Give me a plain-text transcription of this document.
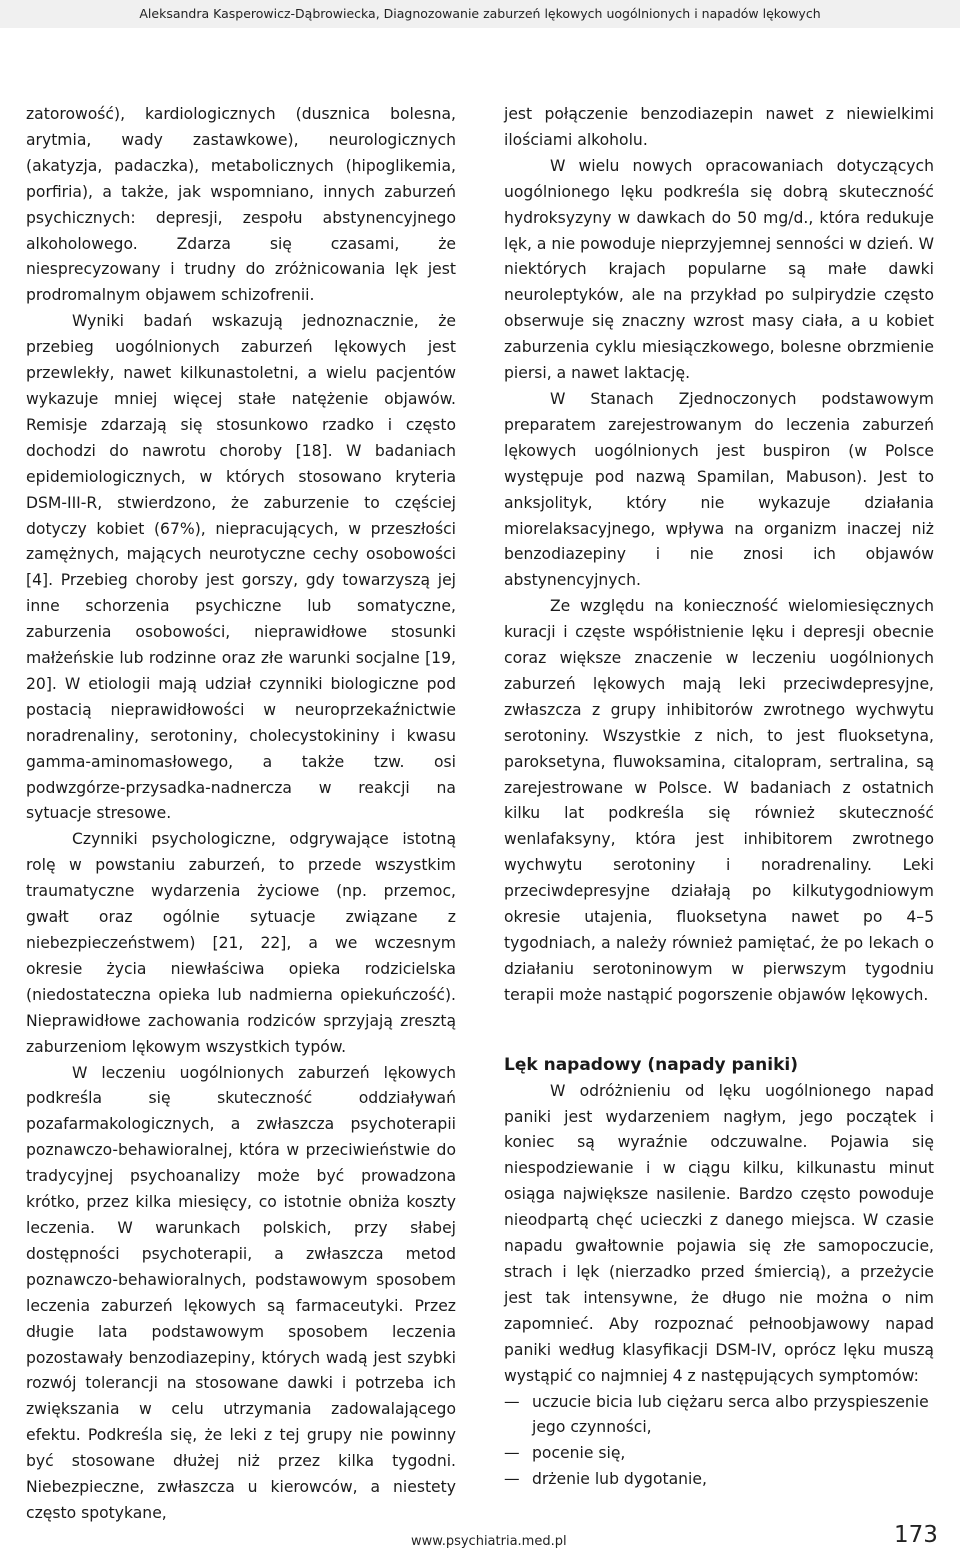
Aleksandra Kasperowicz-Dąbrowiecka, Diagnozowanie zaburzeń lękowych uogólnionych i napadów lękowych

zatorowość), kardiologicznych (dusznica bolesna, arytmia, wady zastawkowe), neurologicznych (akatyzja, padaczka), metabolicznych (hipoglikemia, porfiria), a także, jak wspomniano, innych zaburzeń psychicznych: depresji, zespołu abstynencyjnego alkoholowego. Zdarza się czasami, że niesprecyzowany i trudny do zróżnicowania lęk jest prodromalnym objawem schizofrenii.

Wyniki badań wskazują jednoznacznie, że przebieg uogólnionych zaburzeń lękowych jest przewlekły, nawet kilkunastoletni, a wielu pacjentów wykazuje mniej więcej stałe natężenie objawów. Remisje zdarzają się stosunkowo rzadko i często dochodzi do nawrotu choroby [18]. W badaniach epidemiologicznych, w których stosowano kryteria DSM-III-R, stwierdzono, że zaburzenie to częściej dotyczy kobiet (67%), niepracujących, w przeszłości zamężnych, mających neurotyczne cechy osobowości [4]. Przebieg choroby jest gorszy, gdy towarzyszą jej inne schorzenia psychiczne lub somatyczne, zaburzenia osobowości, nieprawidłowe stosunki małżeńskie lub rodzinne oraz złe warunki socjalne [19, 20]. W etiologii mają udział czynniki biologiczne pod postacią nieprawidłowości w neuroprzekaźnictwie noradrenaliny, serotoniny, cholecystokininy i kwasu gamma-aminomasłowego, a także tzw. osi podwzgórze-przysadka-nadnercza w reakcji na sytuacje stresowe.

Czynniki psychologiczne, odgrywające istotną rolę w powstaniu zaburzeń, to przede wszystkim traumatyczne wydarzenia życiowe (np. przemoc, gwałt oraz ogólnie sytuacje związane z niebezpieczeństwem) [21, 22], a we wczesnym okresie życia niewłaściwa opieka rodzicielska (niedostateczna opieka lub nadmierna opiekuńczość). Nieprawidłowe zachowania rodziców sprzyjają zresztą zaburzeniom lękowym wszystkich typów.

W leczeniu uogólnionych zaburzeń lękowych podkreśla się skuteczność oddziaływań pozafarmakologicznych, a zwłaszcza psychoterapii poznawczo-behawioralnej, która w przeciwieństwie do tradycyjnej psychoanalizy może być prowadzona krótko, przez kilka miesięcy, co istotnie obniża koszty leczenia. W warunkach polskich, przy słabej dostępności psychoterapii, a zwłaszcza metod poznawczo-behawioralnych, podstawowym sposobem leczenia zaburzeń lękowych są farmaceutyki. Przez długie lata podstawowym sposobem leczenia pozostawały benzodiazepiny, których wadą jest szybki rozwój tolerancji na stosowane dawki i potrzeba ich zwiększania w celu utrzymania zadowalającego efektu. Podkreśla się, że leki z tej grupy nie powinny być stosowane dłużej niż przez kilka tygodni. Niebezpieczne, zwłaszcza u kierowców, a niestety często spotykane,

jest połączenie benzodiazepin nawet z niewielkimi ilościami alkoholu.

W wielu nowych opracowaniach dotyczących uogólnionego lęku podkreśla się dobrą skuteczność hydroksyzyny w dawkach do 50 mg/d., która redukuje lęk, a nie powoduje nieprzyjemnej senności w dzień. W niektórych krajach popularne są małe dawki neuroleptyków, ale na przykład po sulpirydzie często obserwuje się znaczny wzrost masy ciała, a u kobiet zaburzenia cyklu miesiączkowego, bolesne obrzmienie piersi, a nawet laktację.

W Stanach Zjednoczonych podstawowym preparatem zarejestrowanym do leczenia zaburzeń lękowych uogólnionych jest buspiron (w Polsce występuje pod nazwą Spamilan, Mabuson). Jest to anksjolityk, który nie wykazuje działania miorelaksacyjnego, wpływa na organizm inaczej niż benzodiazepiny i nie znosi ich objawów abstynencyjnych.

Ze względu na konieczność wielomiesięcznych kuracji i częste współistnienie lęku i depresji obecnie coraz większe znaczenie w leczeniu uogólnionych zaburzeń lękowych mają leki przeciwdepresyjne, zwłaszcza z grupy inhibitorów zwrotnego wychwytu serotoniny. Wszystkie z nich, to jest fluoksetyna, paroksetyna, fluwoksamina, citalopram, sertralina, są zarejestrowane w Polsce. W badaniach z ostatnich kilku lat podkreśla się również skuteczność wenlafaksyny, która jest inhibitorem zwrotnego wychwytu serotoniny i noradrenaliny. Leki przeciwdepresyjne działają po kilkutygodniowym okresie utajenia, fluoksetyna nawet po 4–5 tygodniach, a należy również pamiętać, że po lekach o działaniu serotoninowym w pierwszym tygodniu terapii może nastąpić pogorszenie objawów lękowych.

Lęk napadowy (napady paniki)

W odróżnieniu od lęku uogólnionego napad paniki jest wydarzeniem nagłym, jego początek i koniec są wyraźnie odczuwalne. Pojawia się niespodziewanie i w ciągu kilku, kilkunastu minut osiąga największe nasilenie. Bardzo często powoduje nieodpartą chęć ucieczki z danego miejsca. W czasie napadu gwałtownie pojawia się złe samopoczucie, strach i lęk (nierzadko przed śmiercią), a przeżycie jest tak intensywne, że długo nie można o nim zapomnieć. Aby rozpoznać pełnoobjawowy napad paniki według klasyfikacji DSM-IV, oprócz lęku muszą wystąpić co najmniej 4 z następujących symptomów:

— uczucie bicia lub ciężaru serca albo przyspieszenie jego czynności,
— pocenie się,
— drżenie lub dygotanie,
www.psychiatria.med.pl	173
